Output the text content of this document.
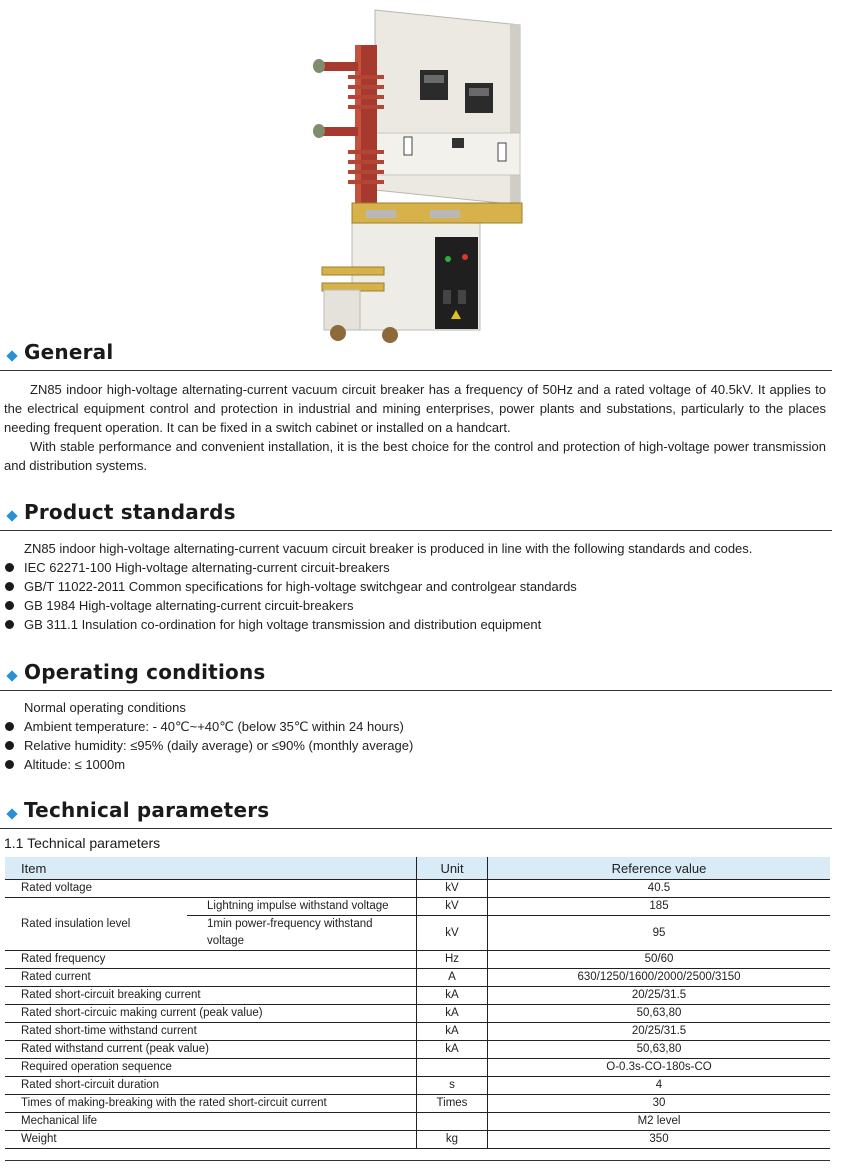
General

ZN85 indoor high-voltage alternating-current vacuum circuit breaker has a frequency of 50Hz and a rated voltage of 40.5kV. It applies to the electrical equipment control and protection in industrial and mining enterprises, power plants and substations, particularly to the places needing frequent operation. It can be fixed in a switch cabinet or installed on a handcart.

With stable performance and convenient installation, it is the best choice for the control and protection of high-voltage power transmission and distribution systems.

Product standards

ZN85 indoor high-voltage alternating-current vacuum circuit breaker is produced in line with the following standards and codes.

IEC 62271-100 High-voltage alternating-current circuit-breakers
GB/T 11022-2011 Common specifications for high-voltage switchgear and controlgear standards
GB 1984 High-voltage alternating-current circuit-breakers
GB 311.1 Insulation co-ordination for high voltage transmission and distribution equipment
Operating conditions

Normal operating conditions

Ambient temperature: - 40℃~+40℃ (below 35℃ within 24 hours)
Relative humidity: ≤95% (daily average) or ≤90% (monthly average)
Altitude: ≤ 1000m
Technical parameters
1.1 Technical parameters
Item		Unit	Reference value
Rated voltage		kV	40.5
Rated insulation level	Lightning impulse withstand voltage	kV	185
	1min power-frequency withstand voltage	kV	95
Rated frequency		Hz	50/60
Rated current		A	630/1250/1600/2000/2500/3150
Rated short-circuit breaking current		kA	20/25/31.5
Rated short-circuic making current (peak value)		kA	50,63,80
Rated short-time withstand current		kA	20/25/31.5
Rated withstand current (peak value)		kA	50,63,80
Required operation sequence			O-0.3s-CO-180s-CO
Rated short-circuit duration		s	4
Times of making-breaking with the rated short-circuit current		Times	30
Mechanical life			M2 level
Weight		kg	350
